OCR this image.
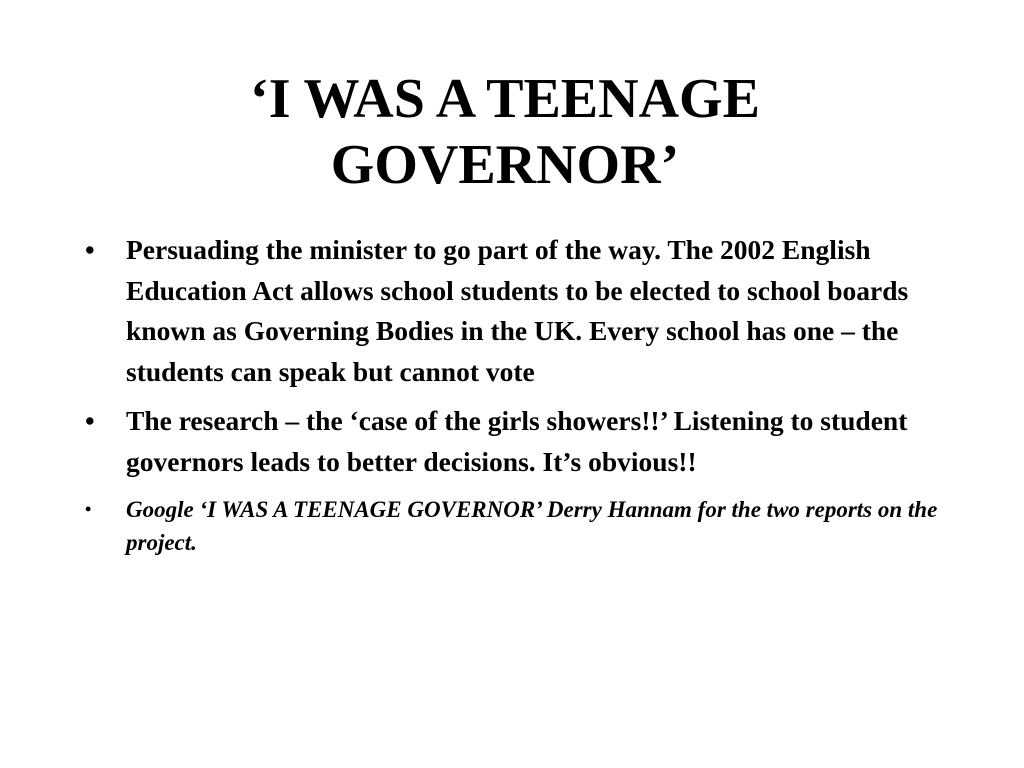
‘I WAS A TEENAGE
GOVERNOR’
•	Persuading the minister to go part of the way. The 2002 English Education Act allows school students to be elected to school boards known as Governing Bodies in the UK. Every school has one – the students can speak but cannot vote
•	The research – the ‘case of the girls showers!!’ Listening to student governors leads to better decisions. It’s obvious!!
•	Google ‘I WAS A TEENAGE GOVERNOR’ Derry Hannam for the two reports on the project.
